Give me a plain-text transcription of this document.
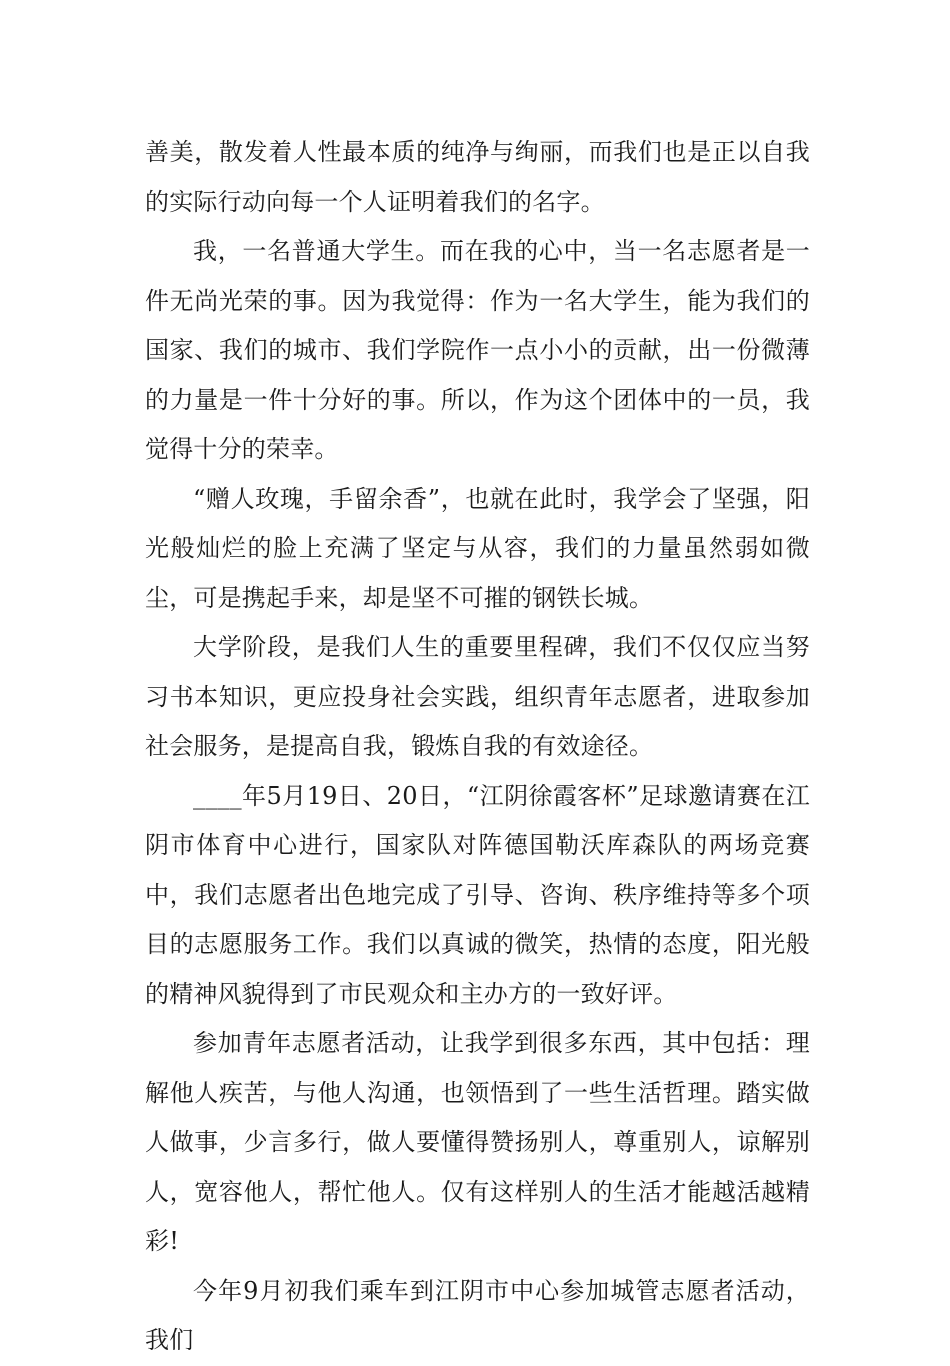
善美，散发着人性最本质的纯净与绚丽，而我们也是正以自我的实际行动向每一个人证明着我们的名字。

我，一名普通大学生。而在我的心中，当一名志愿者是一件无尚光荣的事。因为我觉得：作为一名大学生，能为我们的国家、我们的城市、我们学院作一点小小的贡献，出一份微薄的力量是一件十分好的事。所以，作为这个团体中的一员，我觉得十分的荣幸。

“赠人玫瑰，手留余香”，也就在此时，我学会了坚强，阳光般灿烂的脸上充满了坚定与从容，我们的力量虽然弱如微尘，可是携起手来，却是坚不可摧的钢铁长城。

大学阶段，是我们人生的重要里程碑，我们不仅仅应当努习书本知识，更应投身社会实践，组织青年志愿者，进取参加社会服务，是提高自我，锻炼自我的有效途径。

____年5月19日、20日，“江阴徐霞客杯”足球邀请赛在江阴市体育中心进行，国家队对阵德国勒沃库森队的两场竞赛中，我们志愿者出色地完成了引导、咨询、秩序维持等多个项目的志愿服务工作。我们以真诚的微笑，热情的态度，阳光般的精神风貌得到了市民观众和主办方的一致好评。

参加青年志愿者活动，让我学到很多东西，其中包括：理解他人疾苦，与他人沟通，也领悟到了一些生活哲理。踏实做人做事，少言多行，做人要懂得赞扬别人，尊重别人，谅解别人，宽容他人，帮忙他人。仅有这样别人的生活才能越活越精彩!

今年9月初我们乘车到江阴市中心参加城管志愿者活动，我们
